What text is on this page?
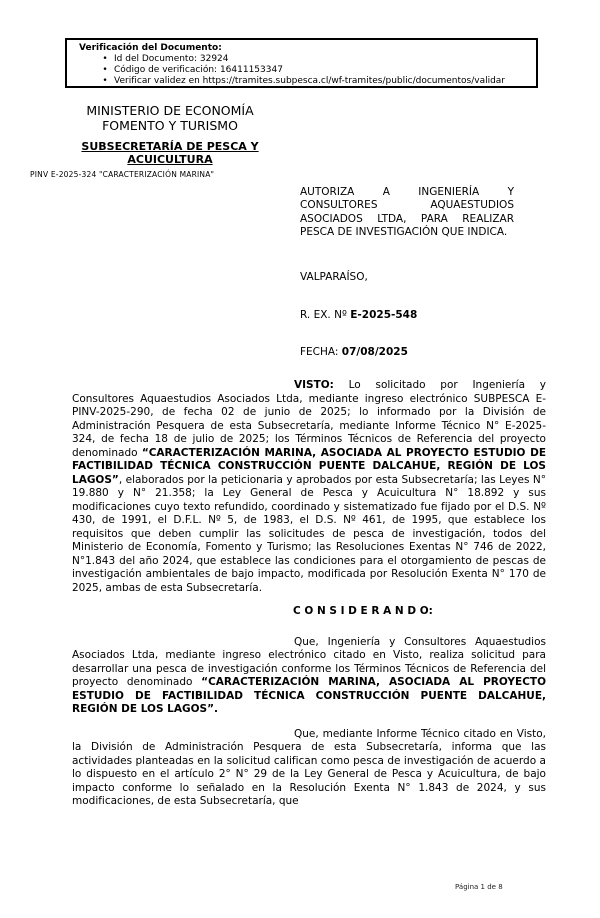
Verificación del Documento:
• Id del Documento: 32924
• Código de verificación: 16411153347
• Verificar validez en https://tramites.subpesca.cl/wf-tramites/public/documentos/validar
MINISTERIO DE ECONOMÍA
FOMENTO Y TURISMO
SUBSECRETARÍA DE PESCA Y ACUICULTURA
PINV E-2025-324 "CARACTERIZACIÓN MARINA"
AUTORIZA A INGENIERÍA Y CONSULTORES AQUAESTUDIOS ASOCIADOS LTDA, PARA REALIZAR PESCA DE INVESTIGACIÓN QUE INDICA.
VALPARAÍSO,
R. EX. Nº E-2025-548
FECHA: 07/08/2025

VISTO: Lo solicitado por Ingeniería y Consultores Aquaestudios Asociados Ltda, mediante ingreso electrónico SUBPESCA E-PINV-2025-290, de fecha 02 de junio de 2025; lo informado por la División de Administración Pesquera de esta Subsecretaría, mediante Informe Técnico N° E-2025-324, de fecha 18 de julio de 2025; los Términos Técnicos de Referencia del proyecto denominado “CARACTERIZACIÓN MARINA, ASOCIADA AL PROYECTO ESTUDIO DE FACTIBILIDAD TÉCNICA CONSTRUCCIÓN PUENTE DALCAHUE, REGIÓN DE LOS LAGOS”, elaborados por la peticionaria y aprobados por esta Subsecretaría; las Leyes N° 19.880 y N° 21.358; la Ley General de Pesca y Acuicultura N° 18.892 y sus modificaciones cuyo texto refundido, coordinado y sistematizado fue fijado por el D.S. Nº 430, de 1991, el D.F.L. Nº 5, de 1983, el D.S. Nº 461, de 1995, que establece los requisitos que deben cumplir las solicitudes de pesca de investigación, todos del Ministerio de Economía, Fomento y Turismo; las Resoluciones Exentas N° 746 de 2022, N°1.843 del año 2024, que establece las condiciones para el otorgamiento de pescas de investigación ambientales de bajo impacto, modificada por Resolución Exenta N° 170 de 2025, ambas de esta Subsecretaría.

C O N S I D E R A N D O:

Que, Ingeniería y Consultores Aquaestudios Asociados Ltda, mediante ingreso electrónico citado en Visto, realiza solicitud para desarrollar una pesca de investigación conforme los Términos Técnicos de Referencia del proyecto denominado “CARACTERIZACIÓN MARINA, ASOCIADA AL PROYECTO ESTUDIO DE FACTIBILIDAD TÉCNICA CONSTRUCCIÓN PUENTE DALCAHUE, REGIÓN DE LOS LAGOS”.

Que, mediante Informe Técnico citado en Visto, la División de Administración Pesquera de esta Subsecretaría, informa que las actividades planteadas en la solicitud califican como pesca de investigación de acuerdo a lo dispuesto en el artículo 2° N° 29 de la Ley General de Pesca y Acuicultura, de bajo impacto conforme lo señalado en la Resolución Exenta N° 1.843 de 2024, y sus modificaciones, de esta Subsecretaría, que

Página 1 de 8
